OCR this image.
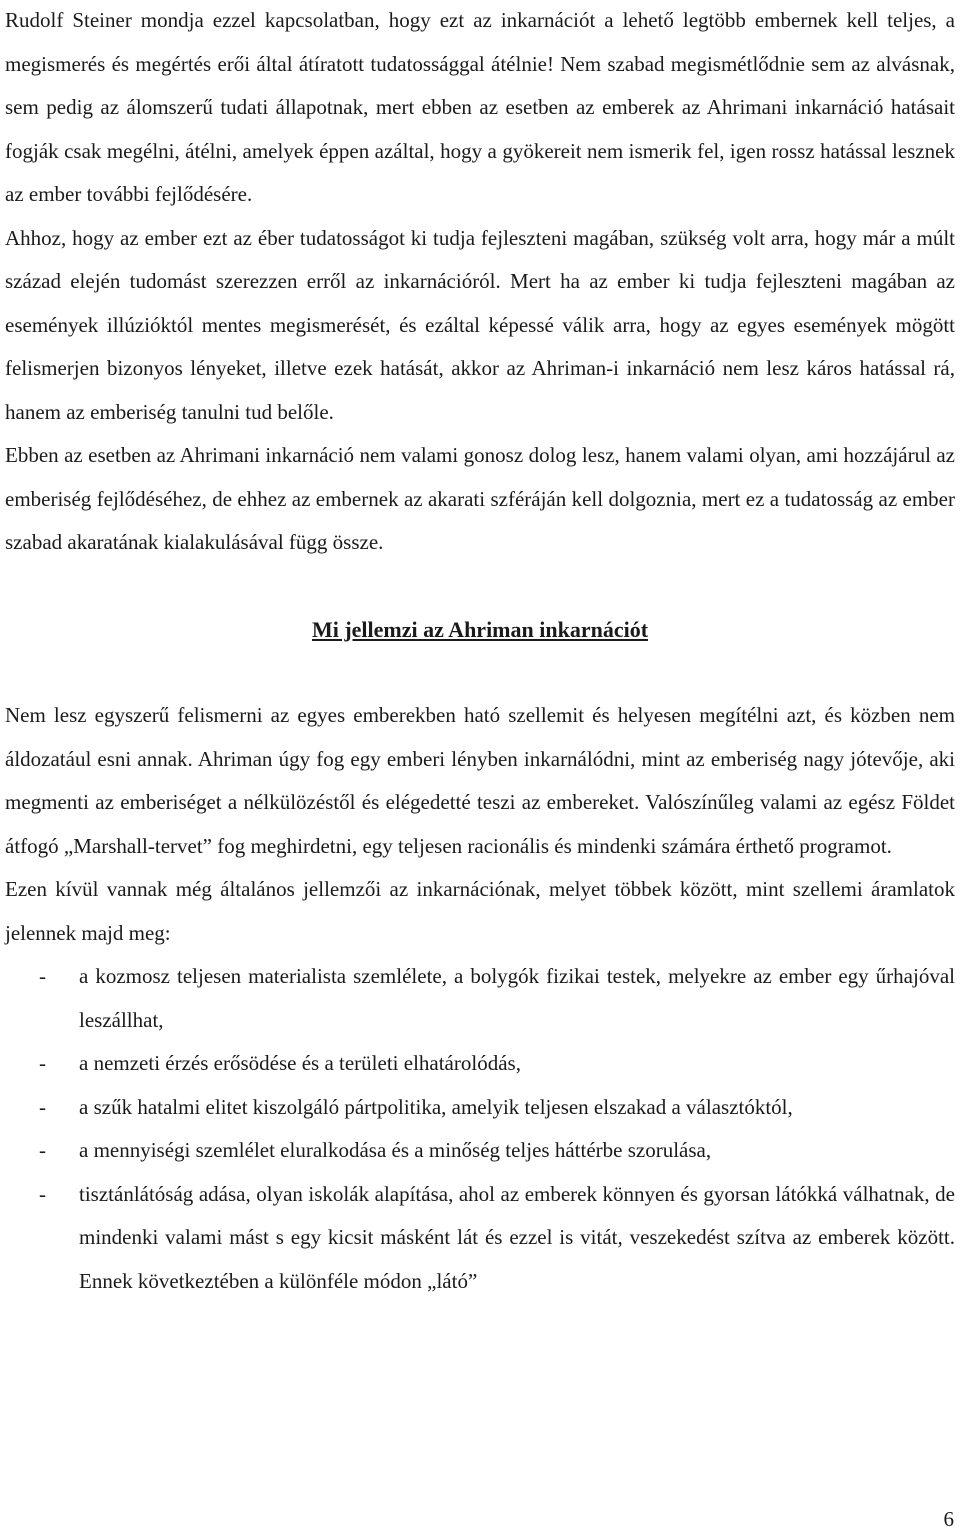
Rudolf Steiner mondja ezzel kapcsolatban, hogy ezt az inkarnációt a lehető legtöbb embernek kell teljes, a megismerés és megértés erői által átíratott tudatossággal átélnie! Nem szabad megismétlődnie sem az alvásnak, sem pedig az álomszerű tudati állapotnak, mert ebben az esetben az emberek az Ahrimani inkarnáció hatásait fogják csak megélni, átélni, amelyek éppen azáltal, hogy a gyökereit nem ismerik fel, igen rossz hatással lesznek az ember további fejlődésére.

Ahhoz, hogy az ember ezt az éber tudatosságot ki tudja fejleszteni magában, szükség volt arra, hogy már a múlt század elején tudomást szerezzen erről az inkarnációról. Mert ha az ember ki tudja fejleszteni magában az események illúzióktól mentes megismerését, és ezáltal képessé válik arra, hogy az egyes események mögött felismerjen bizonyos lényeket, illetve ezek hatását, akkor az Ahriman-i inkarnáció nem lesz káros hatással rá, hanem az emberiség tanulni tud belőle.

Ebben az esetben az Ahrimani inkarnáció nem valami gonosz dolog lesz, hanem valami olyan, ami hozzájárul az emberiség fejlődéséhez, de ehhez az embernek az akarati szféráján kell dolgoznia, mert ez a tudatosság az ember szabad akaratának kialakulásával függ össze.

Mi jellemzi az Ahriman inkarnációt

Nem lesz egyszerű felismerni az egyes emberekben ható szellemit és helyesen megítélni azt, és közben nem áldozatául esni annak. Ahriman úgy fog egy emberi lényben inkarnálódni, mint az emberiség nagy jótevője, aki megmenti az emberiséget a nélkülözéstől és elégedetté teszi az embereket. Valószínűleg valami az egész Földet átfogó „Marshall-tervet” fog meghirdetni, egy teljesen racionális és mindenki számára érthető programot.

Ezen kívül vannak még általános jellemzői az inkarnációnak, melyet többek között, mint szellemi áramlatok jelennek majd meg:

- a kozmosz teljesen materialista szemlélete, a bolygók fizikai testek, melyekre az ember egy űrhajóval leszállhat,
- a nemzeti érzés erősödése és a területi elhatárolódás,
- a szűk hatalmi elitet kiszolgáló pártpolitika, amelyik teljesen elszakad a választóktól,
- a mennyiségi szemlélet eluralkodása és a minőség teljes háttérbe szorulása,
- tisztánlátóság adása, olyan iskolák alapítása, ahol az emberek könnyen és gyorsan látókká válhatnak, de mindenki valami mást s egy kicsit másként lát és ezzel is vitát, veszekedést szítva az emberek között. Ennek következtében a különféle módon „látó”
6
